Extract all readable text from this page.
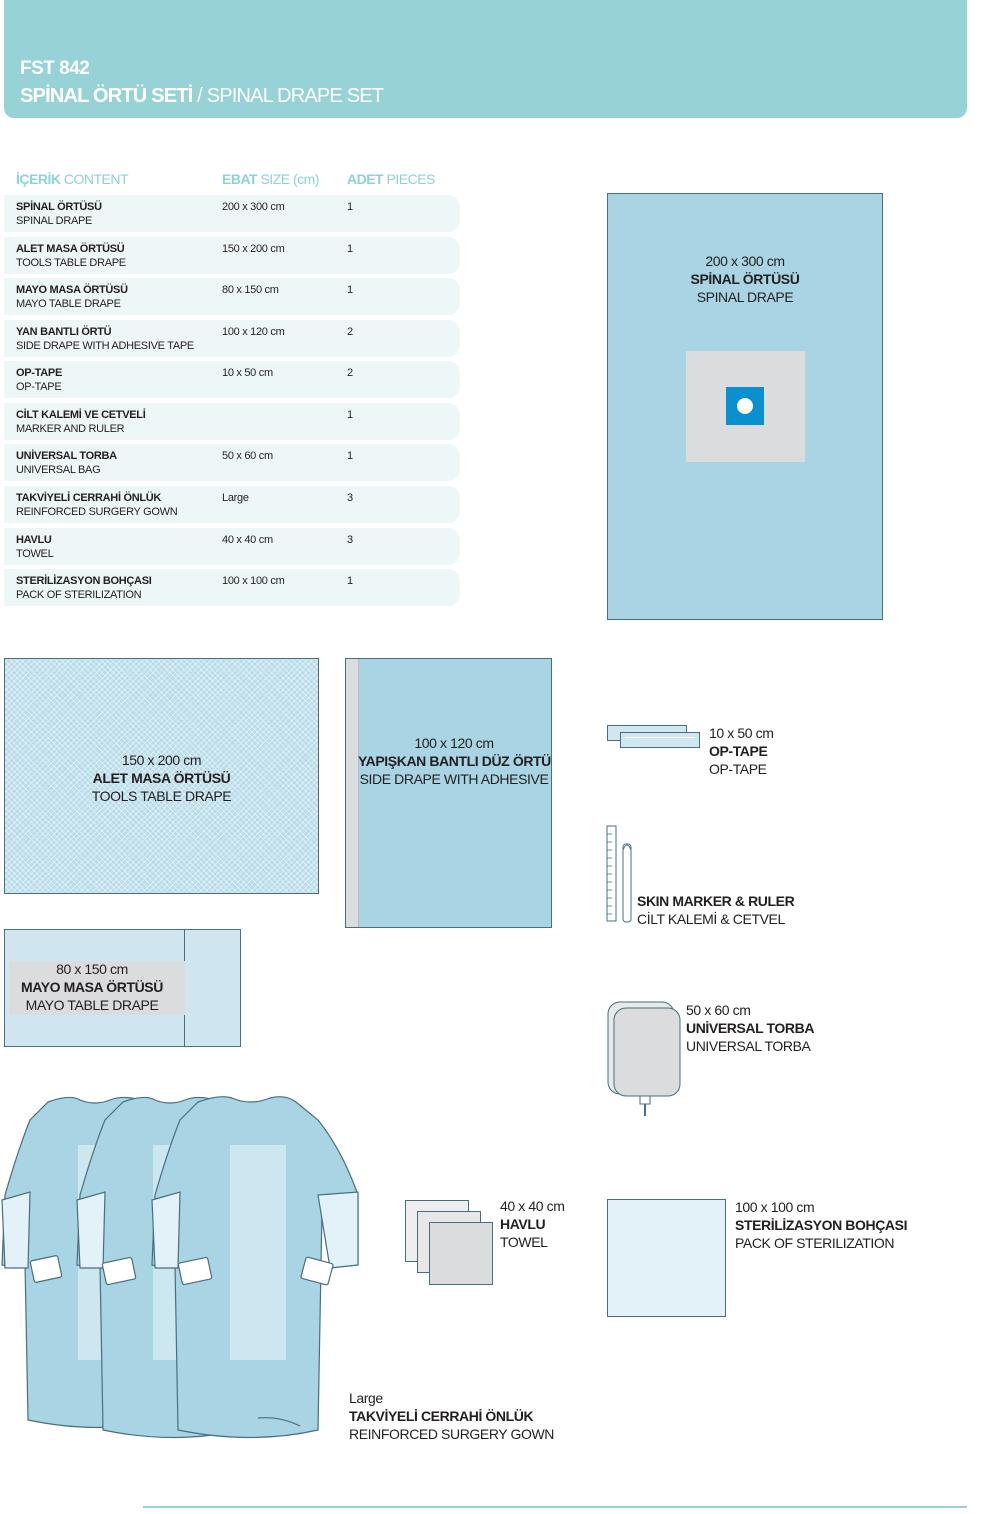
FST 842
SPİNAL ÖRTÜ SETİ / SPINAL DRAPE SET
İÇERİK CONTENT	EBAT SIZE (cm) ADET PIECES
SPİNAL ÖRTÜSÜ
SPINAL DRAPE
200 x 300 cm	1
ALET MASA ÖRTÜSÜ
TOOLS TABLE DRAPE
150 x 200 cm	1
MAYO MASA ÖRTÜSÜ
MAYO TABLE DRAPE
80 x 150 cm	1
YAN BANTLI ÖRTÜ
SIDE DRAPE WITH ADHESIVE TAPE
100 x 120 cm	2
OP-TAPE
OP-TAPE
10 x 50 cm	2
CİLT KALEMİ VE CETVELİ
MARKER AND RULER
1
UNİVERSAL TORBA
UNIVERSAL BAG
50 x 60 cm	1
TAKVİYELİ CERRAHİ ÖNLÜK
REINFORCED SURGERY GOWN
Large	3
HAVLU
TOWEL
40 x 40 cm	3
STERİLİZASYON BOHÇASI
PACK OF STERILIZATION
100 x 100 cm	1
200 x 300 cm
SPİNAL ÖRTÜSÜ
SPINAL DRAPE
150 x 200 cm
ALET MASA ÖRTÜSÜ
TOOLS TABLE DRAPE
100 x 120 cm
YAPIŞKAN BANTLI DÜZ ÖRTÜ
SIDE DRAPE WITH ADHESIVE
10 x 50 cm
OP-TAPE
OP-TAPE
SKIN MARKER & RULER
CİLT KALEMİ & CETVEL
80 x 150 cm
MAYO MASA ÖRTÜSÜ
MAYO TABLE DRAPE	50 x 60 cm
UNİVERSAL TORBA
UNIVERSAL TORBA
Large
TAKVİYELİ CERRAHİ ÖNLÜK
REINFORCED SURGERY GOWN
40 x 40 cm
HAVLU
TOWEL
100 x 100 cm
STERİLİZASYON BOHÇASI
PACK OF STERILIZATION
